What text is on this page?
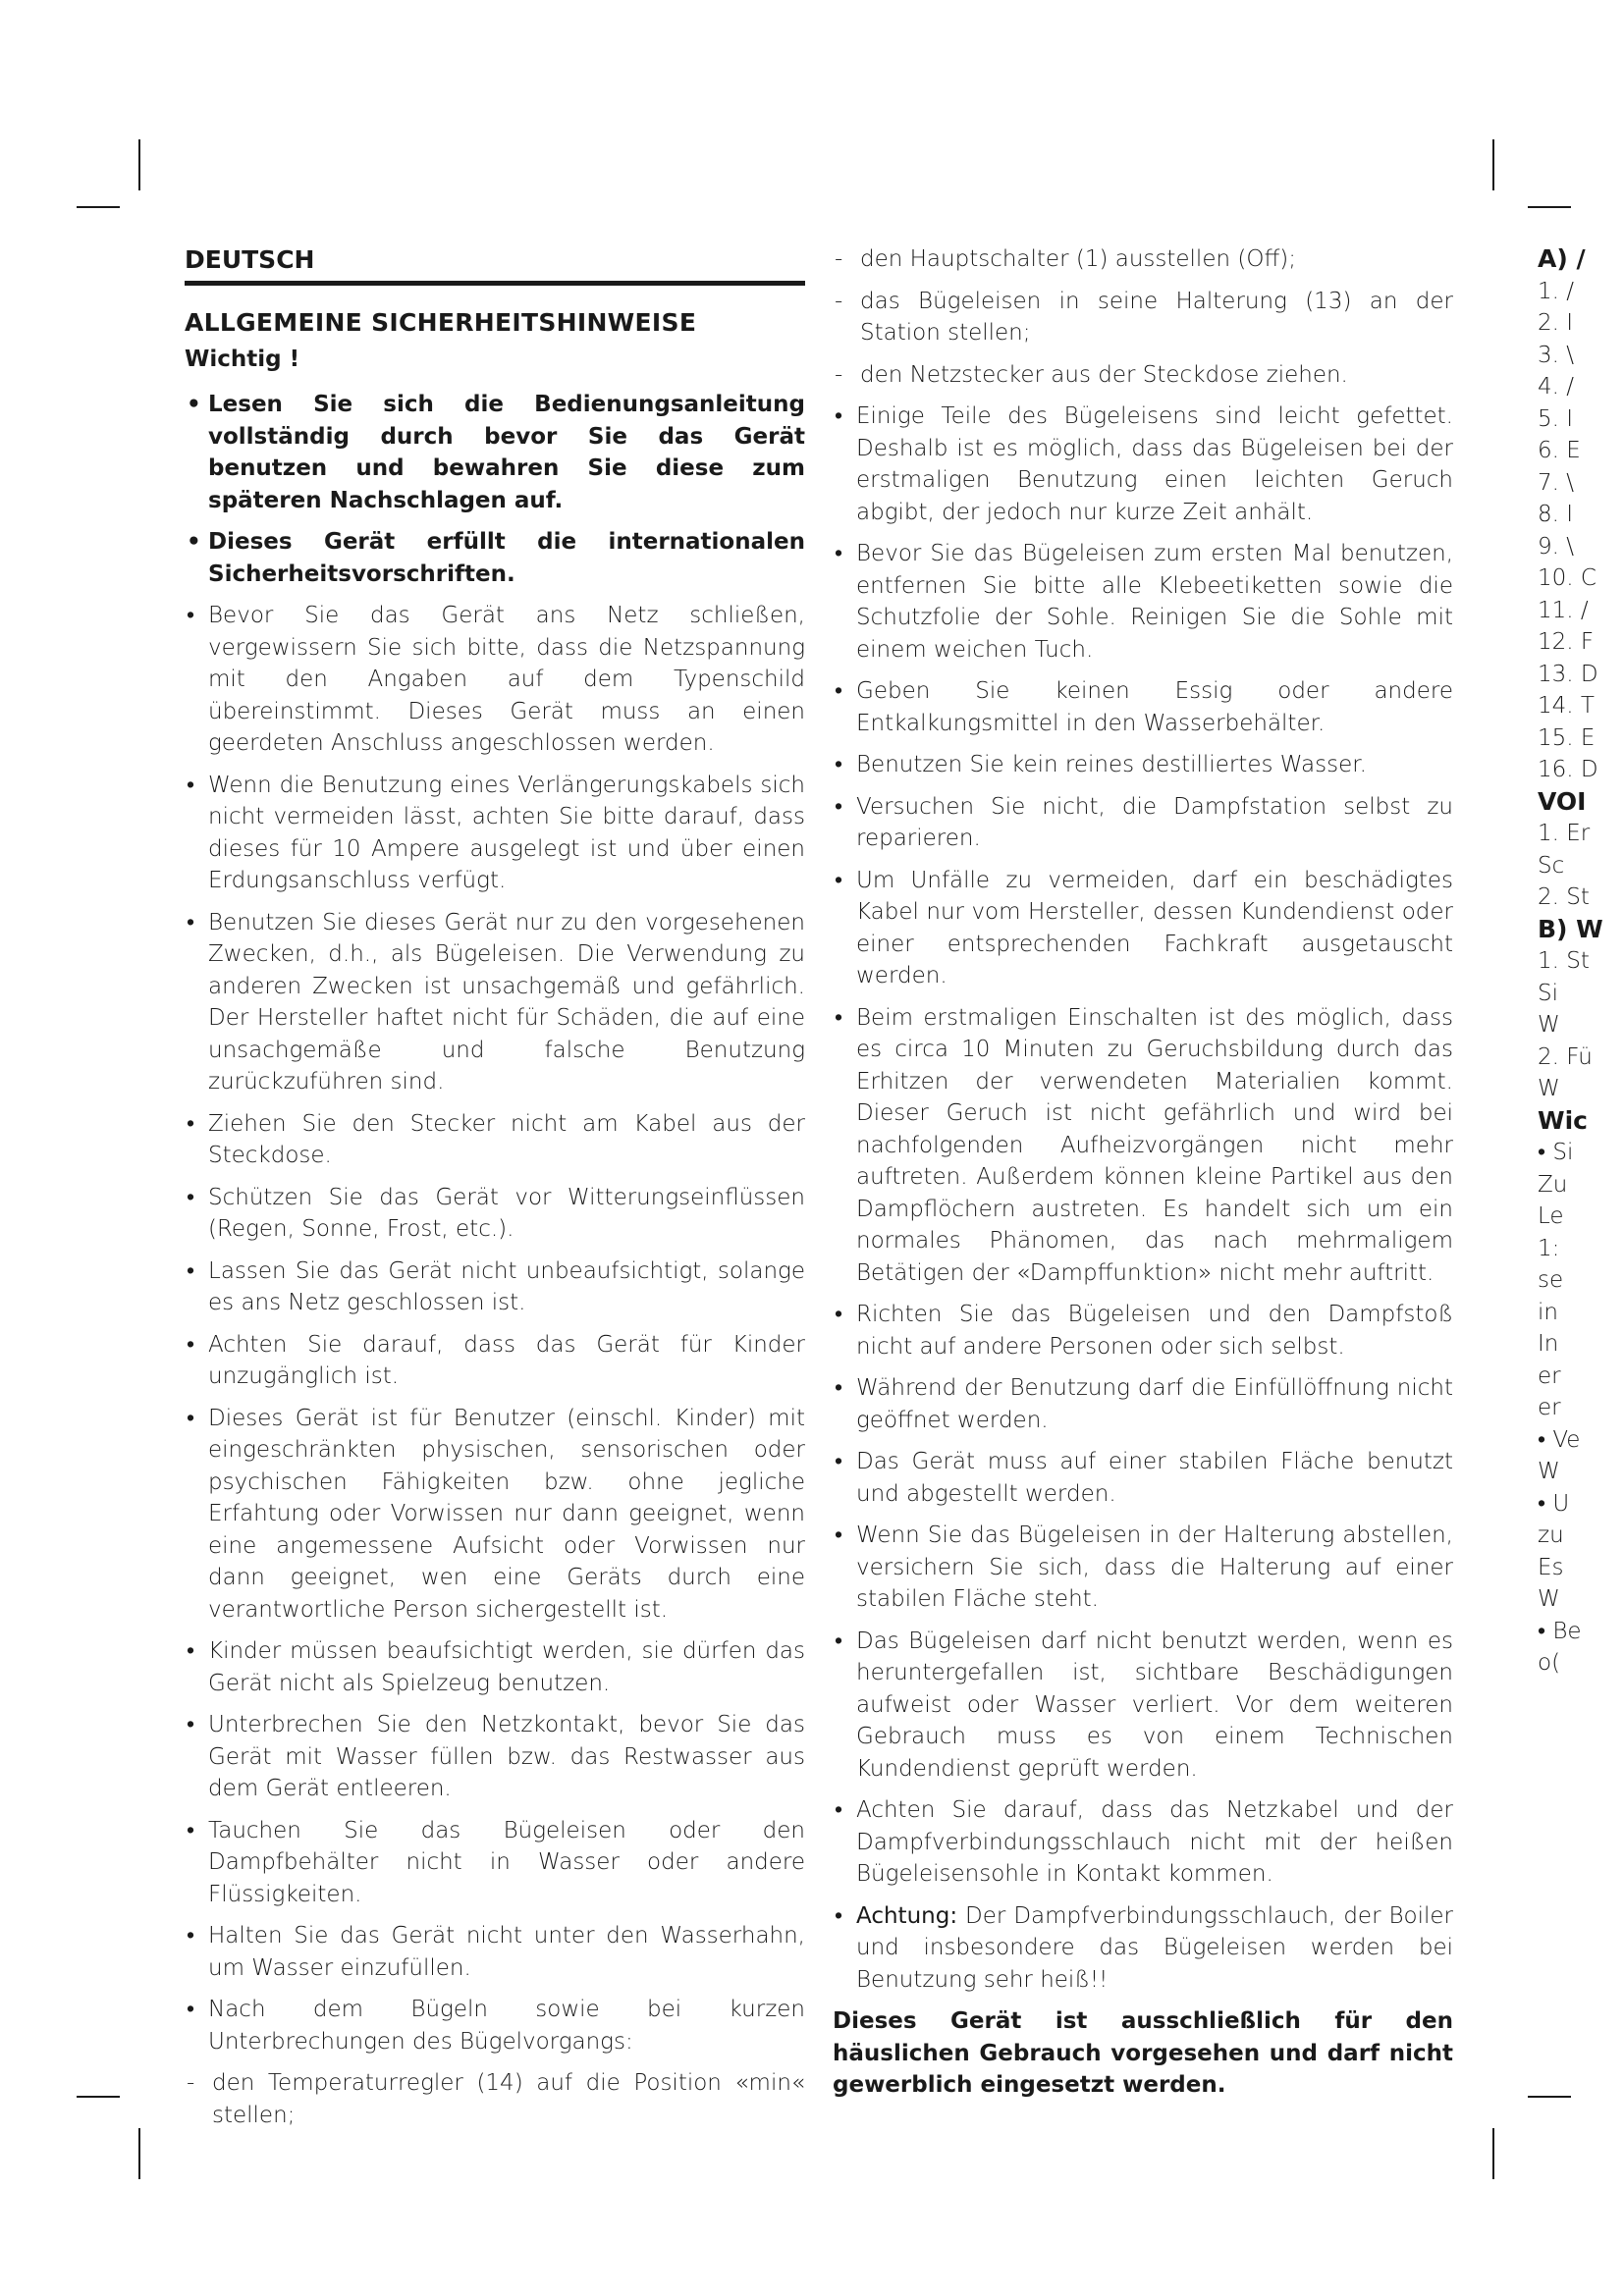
DEUTSCH
ALLGEMEINE SICHERHEITSHINWEISE
Wichtig !
• Lesen Sie sich die Bedienungsanleitung vollständig durch bevor Sie das Gerät benutzen und bewahren Sie diese zum späteren Nachschlagen auf.
• Dieses Gerät erfüllt die internationalen Sicherheitsvorschriften.
• Bevor Sie das Gerät ans Netz schließen, vergewissern Sie sich bitte, dass die Netzspannung mit den Angaben auf dem Typenschild übereinstimmt. Dieses Gerät muss an einen geerdeten Anschluss angeschlossen werden.
• Wenn die Benutzung eines Verlängerungskabels sich nicht vermeiden lässt, achten Sie bitte darauf, dass dieses für 10 Ampere ausgelegt ist und über einen Erdungsanschluss verfügt.
• Benutzen Sie dieses Gerät nur zu den vorgesehenen Zwecken, d.h., als Bügeleisen. Die Verwendung zu anderen Zwecken ist unsachgemäß und gefährlich. Der Hersteller haftet nicht für Schäden, die auf eine unsachgemäße und falsche Benutzung zurückzuführen sind.
• Ziehen Sie den Stecker nicht am Kabel aus der Steckdose.
• Schützen Sie das Gerät vor Witterungseinflüssen (Regen, Sonne, Frost, etc.).
• Lassen Sie das Gerät nicht unbeaufsichtigt, solange es ans Netz geschlossen ist.
• Achten Sie darauf, dass das Gerät für Kinder unzugänglich ist.
• Dieses Gerät ist für Benutzer (einschl. Kinder) mit eingeschränkten physischen, sensorischen oder psychischen Fähigkeiten bzw. ohne jegliche Erfahtung oder Vorwissen nur dann geeignet, wenn eine angemessene Aufsicht oder Vorwissen nur dann geeignet, wen eine Geräts durch eine verantwortliche Person sichergestellt ist.
• Kinder müssen beaufsichtigt werden, sie dürfen das Gerät nicht als Spielzeug benutzen.
• Unterbrechen Sie den Netzkontakt, bevor Sie das Gerät mit Wasser füllen bzw. das Restwasser aus dem Gerät entleeren.
• Tauchen Sie das Bügeleisen oder den Dampfbehälter nicht in Wasser oder andere Flüssigkeiten.
• Halten Sie das Gerät nicht unter den Wasserhahn, um Wasser einzufüllen.
• Nach dem Bügeln sowie bei kurzen Unterbrechungen des Bügelvorgangs:
- den Temperaturregler (14) auf die Position «min« stellen;
- den Hauptschalter (1) ausstellen (Off);
- das Bügeleisen in seine Halterung (13) an der Station stellen;
- den Netzstecker aus der Steckdose ziehen.
• Einige Teile des Bügeleisens sind leicht gefettet. Deshalb ist es möglich, dass das Bügeleisen bei der erstmaligen Benutzung einen leichten Geruch abgibt, der jedoch nur kurze Zeit anhält.
• Bevor Sie das Bügeleisen zum ersten Mal benutzen, entfernen Sie bitte alle Klebeetiketten sowie die Schutzfolie der Sohle. Reinigen Sie die Sohle mit einem weichen Tuch.
• Geben Sie keinen Essig oder andere Entkalkungsmittel in den Wasserbehälter.
• Benutzen Sie kein reines destilliertes Wasser.
• Versuchen Sie nicht, die Dampfstation selbst zu reparieren.
• Um Unfälle zu vermeiden, darf ein beschädigtes Kabel nur vom Hersteller, dessen Kundendienst oder einer entsprechenden Fachkraft ausgetauscht werden.
• Beim erstmaligen Einschalten ist des möglich, dass es circa 10 Minuten zu Geruchsbildung durch das Erhitzen der verwendeten Materialien kommt. Dieser Geruch ist nicht gefährlich und wird bei nachfolgenden Aufheizvorgängen nicht mehr auftreten. Außerdem können kleine Partikel aus den Dampflöchern austreten. Es handelt sich um ein normales Phänomen, das nach mehrmaligem Betätigen der «Dampffunktion» nicht mehr auftritt.
• Richten Sie das Bügeleisen und den Dampfstoß nicht auf andere Personen oder sich selbst.
• Während der Benutzung darf die Einfüllöffnung nicht geöffnet werden.
• Das Gerät muss auf einer stabilen Fläche benutzt und abgestellt werden.
• Wenn Sie das Bügeleisen in der Halterung abstellen, versichern Sie sich, dass die Halterung auf einer stabilen Fläche steht.
• Das Bügeleisen darf nicht benutzt werden, wenn es heruntergefallen ist, sichtbare Beschädigungen aufweist oder Wasser verliert. Vor dem weiteren Gebrauch muss es von einem Technischen Kundendienst geprüft werden.
• Achten Sie darauf, dass das Netzkabel und der Dampfverbindungsschlauch nicht mit der heißen Bügeleisensohle in Kontakt kommen.
• Achtung: Der Dampfverbindungsschlauch, der Boiler und insbesondere das Bügeleisen werden bei Benutzung sehr heiß!!
Dieses Gerät ist ausschließlich für den häuslichen Gebrauch vorgesehen und darf nicht gewerblich eingesetzt werden.
A) /
1. /
2. I
3. \
4. /
5. I
6. E
7. \
8. I
9. \
10. C
11. /
12. F
13. D
14. T
15. E
16. D
VOI
1. Er
Sc
2. St
B) W
1. St
Si
W
2. Fü
W
Wic
• Si
Zu
Le
1:
se
in
In
er
er
• Ve
W
• U
zu
Es
W
• Be
o(
